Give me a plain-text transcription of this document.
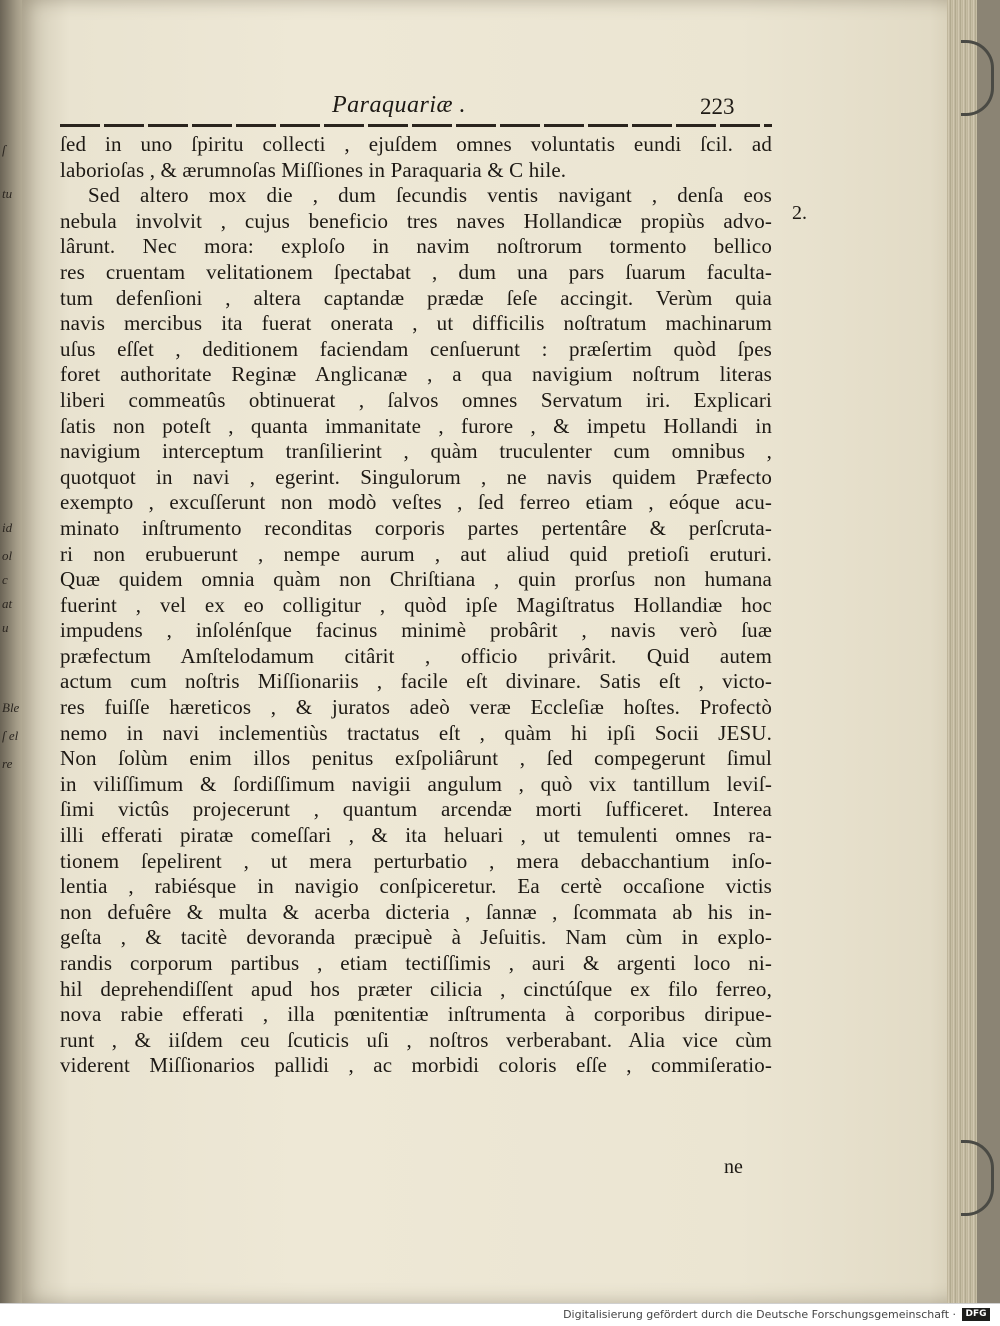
ſ
tu
id
ol
c
at
u
Ble
ſ el
re
Paraquariæ .	223
2.
ſed in uno ſpiritu collecti , ejuſdem omnes voluntatis eundi ſcil. ad
laborioſas , & ærumnoſas Miſſiones in Paraquaria & C hile.
Sed altero mox die , dum ſecundis ventis navigant , denſa eos
nebula involvit , cujus beneficio tres naves Hollandicæ propiùs advo-
lârunt. Nec mora: exploſo in navim noſtrorum tormento bellico
res cruentam velitationem ſpectabat , dum una pars ſuarum faculta-
tum defenſioni , altera captandæ prædæ ſeſe accingit. Verùm quia
navis mercibus ita fuerat onerata , ut difficilis noſtratum machinarum
uſus eſſet , deditionem faciendam cenſuerunt : præſertim quòd ſpes
foret authoritate Reginæ Anglicanæ , a qua navigium noſtrum literas
liberi commeatûs obtinuerat , ſalvos omnes Servatum iri. Explicari
ſatis non poteſt , quanta immanitate , furore , & impetu Hollandi in
navigium interceptum tranſilierint , quàm truculenter cum omnibus ,
quotquot in navi , egerint. Singulorum , ne navis quidem Præfecto
exempto , excuſſerunt non modò veſtes , ſed ferreo etiam , eóque acu-
minato inſtrumento reconditas corporis partes pertentâre & perſcruta-
ri non erubuerunt , nempe aurum , aut aliud quid pretioſi eruturi.
Quæ quidem omnia quàm non Chriſtiana , quin prorſus non humana
fuerint , vel ex eo colligitur , quòd ipſe Magiſtratus Hollandiæ hoc
impudens , inſolénſque facinus minimè probârit , navis verò ſuæ
præfectum Amſtelodamum citârit , officio privârit. Quid autem
actum cum noſtris Miſſionariis , facile eſt divinare. Satis eſt , victo-
res fuiſſe hæreticos , & juratos adeò veræ Eccleſiæ hoſtes. Profectò
nemo in navi inclementiùs tractatus eſt , quàm hi ipſi Socii JESU.
Non ſolùm enim illos penitus exſpoliârunt , ſed compegerunt ſimul
in viliſſimum & ſordiſſimum navigii angulum , quò vix tantillum leviſ-
ſimi victûs projecerunt , quantum arcendæ morti ſufficeret. Interea
illi efferati piratæ comeſſari , & ita heluari , ut temulenti omnes ra-
tionem ſepelirent , ut mera perturbatio , mera debacchantium inſo-
lentia , rabiésque in navigio conſpiceretur. Ea certè occaſione victis
non defuêre & multa & acerba dicteria , ſannæ , ſcommata ab his in-
geſta , & tacitè devoranda præcipuè à Jeſuitis. Nam cùm in explo-
randis corporum partibus , etiam tectiſſimis , auri & argenti loco ni-
hil deprehendiſſent apud hos præter cilicia , cinctúſque ex filo ferreo,
nova rabie efferati , illa pœnitentiæ inſtrumenta à corporibus diripue-
runt , & iiſdem ceu ſcuticis uſi , noſtros verberabant. Alia vice cùm
viderent Miſſionarios pallidi , ac morbidi coloris eſſe , commiſeratio-
ne
Digitalisierung gefördert durch die Deutsche Forschungsgemeinschaft ·	DFG
